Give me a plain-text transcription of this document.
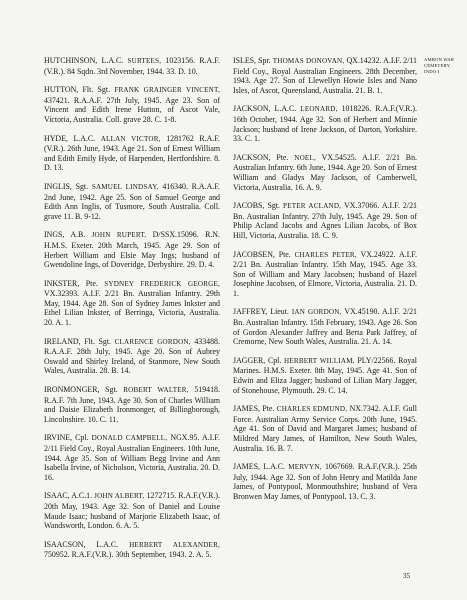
HUTCHINSON, L.A.C. SURTEES, 1023156. R.A.F.(V.R.). 84 Sqdn. 3rd November, 1944. 33. D. 10.

HUTTON, Flt. Sgt. FRANK GRAINGER VINCENT, 437421. R.A.A.F. 27th July, 1945. Age 23. Son of Vincent and Edith Irene Hutton, of Ascot Vale, Victoria, Australia. Coll. grave 28. C. 1-8.

HYDE, L.A.C. ALLAN VICTOR, 1281762 R.A.F.(V.R.). 26th June, 1943. Age 21. Son of Ernest William and Edith Emily Hyde, of Harpenden, Hertfordshire. 8. D. 13.

INGLIS, Sgt. SAMUEL LINDSAY, 416340. R.A.A.F. 2nd June, 1942. Age 25. Son of Samuel George and Edith Ann Inglis, of Tusmore, South Australia. Coll. grave 11. B. 9-12.

INGS, A.B. JOHN RUPERT, D/SSX.15096. R.N. H.M.S. Exeter. 20th March, 1945. Age 29. Son of Herbert William and Elsie May Ings; husband of Gwendoline Ings, of Doveridge, Derbyshire. 29. D. 4.

INKSTER, Pte. SYDNEY FREDERICK GEORGE, VX.32393. A.I.F. 2/21 Bn. Australian Infantry. 29th May, 1944. Age 28. Son of Sydney James Inkster and Ethel Lilian Inkster, of Berringa, Victoria, Australia. 20. A. 1.

IRELAND, Flt. Sgt. CLARENCE GORDON, 433488. R.A.A.F. 28th July, 1945. Age 20. Son of Aubrey Oswald and Shirley Ireland, of Stanmore, New South Wales, Australia. 28. B. 14.

IRONMONGER, Sgt. ROBERT WALTER, 519418. R.A.F. 7th June, 1943. Age 30. Son of Charles William and Daisie Elizabeth Ironmonger, of Billingborough, Lincolnshire. 10. C. 11.

IRVINE, Cpl. DONALD CAMPBELL, NGX.95. A.I.F. 2/11 Field Coy., Royal Australian Engineers. 10th June, 1944. Age 35. Son of William Begg Irvine and Ann Isabella Irvine, of Nicholson, Victoria, Australia. 20. D. 16.

ISAAC, A.C.1. JOHN ALBERT, 1272715. R.A.F.(V.R.). 20th May, 1943. Age 32. Son of Daniel and Louise Maude Isaac; husband of Marjorie Elizabeth Isaac, of Wandsworth, London. 6. A. 5.

ISAACSON, L.A.C. HERBERT ALEXANDER, 750952. R.A.F.(V.R.). 30th September, 1943. 2. A. 5.

ISLES, Spr. THOMAS DONOVAN, QX.14232. A.I.F. 2/11 Field Coy., Royal Australian Engineers. 28th December, 1943. Age 27. Son of Llewellyn Howie Isles and Nano Isles, of Ascot, Queensland, Australia. 21. B. 1.

JACKSON, L.A.C. LEONARD, 1018226. R.A.F.(V.R.). 16th October, 1944. Age 32. Son of Herbert and Minnie Jackson; husband of Irene Jackson, of Darton, Yorkshire. 33. C. 1.

JACKSON, Pte. NOEL, VX.54525. A.I.F. 2/21 Bn. Australian Infantry. 6th June, 1944. Age 20. Son of Ernest William and Gladys May Jackson, of Camberwell, Victoria, Australia. 16. A. 9.

JACOBS, Sgt. PETER ACLAND, VX.37066. A.I.F. 2/21 Bn. Australian Infantry. 27th July, 1945. Age 29. Son of Philip Acland Jacobs and Agnes Lilian Jacobs, of Box Hill, Victoria, Australia. 18. C. 9.

JACOBSEN, Pte. CHARLES PETER, VX.24922. A.I.F. 2/21 Bn. Australian Infantry. 15th May, 1945. Age 33. Son of William and Mary Jacobsen; husband of Hazel Josephine Jacobsen, of Elmore, Victoria, Australia. 21. D. 1.

JAFFREY, Lieut. IAN GORDON, VX.45190. A.I.F. 2/21 Bn. Australian Infantry. 15th February, 1943. Age 26. Son of Gordon Alexander Jaffrey and Berta Park Jaffrey, of Cremorne, New South Wales, Australia. 21. A. 14.

JAGGER, Cpl. HERBERT WILLIAM, PLY/22566. Royal Marines. H.M.S. Exeter. 8th May, 1945. Age 41. Son of Edwin and Eliza Jagger; husband of Lilian Mary Jagger, of Stonehouse, Plymouth. 29. C. 14.

JAMES, Pte. CHARLES EDMUND, NX.7342. A.I.F. Gull Force. Australian Army Service Corps. 20th June, 1945. Age 41. Son of David and Margaret James; husband of Mildred Mary James, of Hamilton, New South Wales, Australia. 16. B. 7.

JAMES, L.A.C. MERVYN, 1067669. R.A.F.(V.R.). 25th July, 1944. Age 32. Son of John Henry and Matilda Jane James, of Pontypool, Monmouthshire; husband of Vera Bronwen May James, of Pontypool. 13. C. 3.

AMBON WAR
CEMETERY
INDO I
35
